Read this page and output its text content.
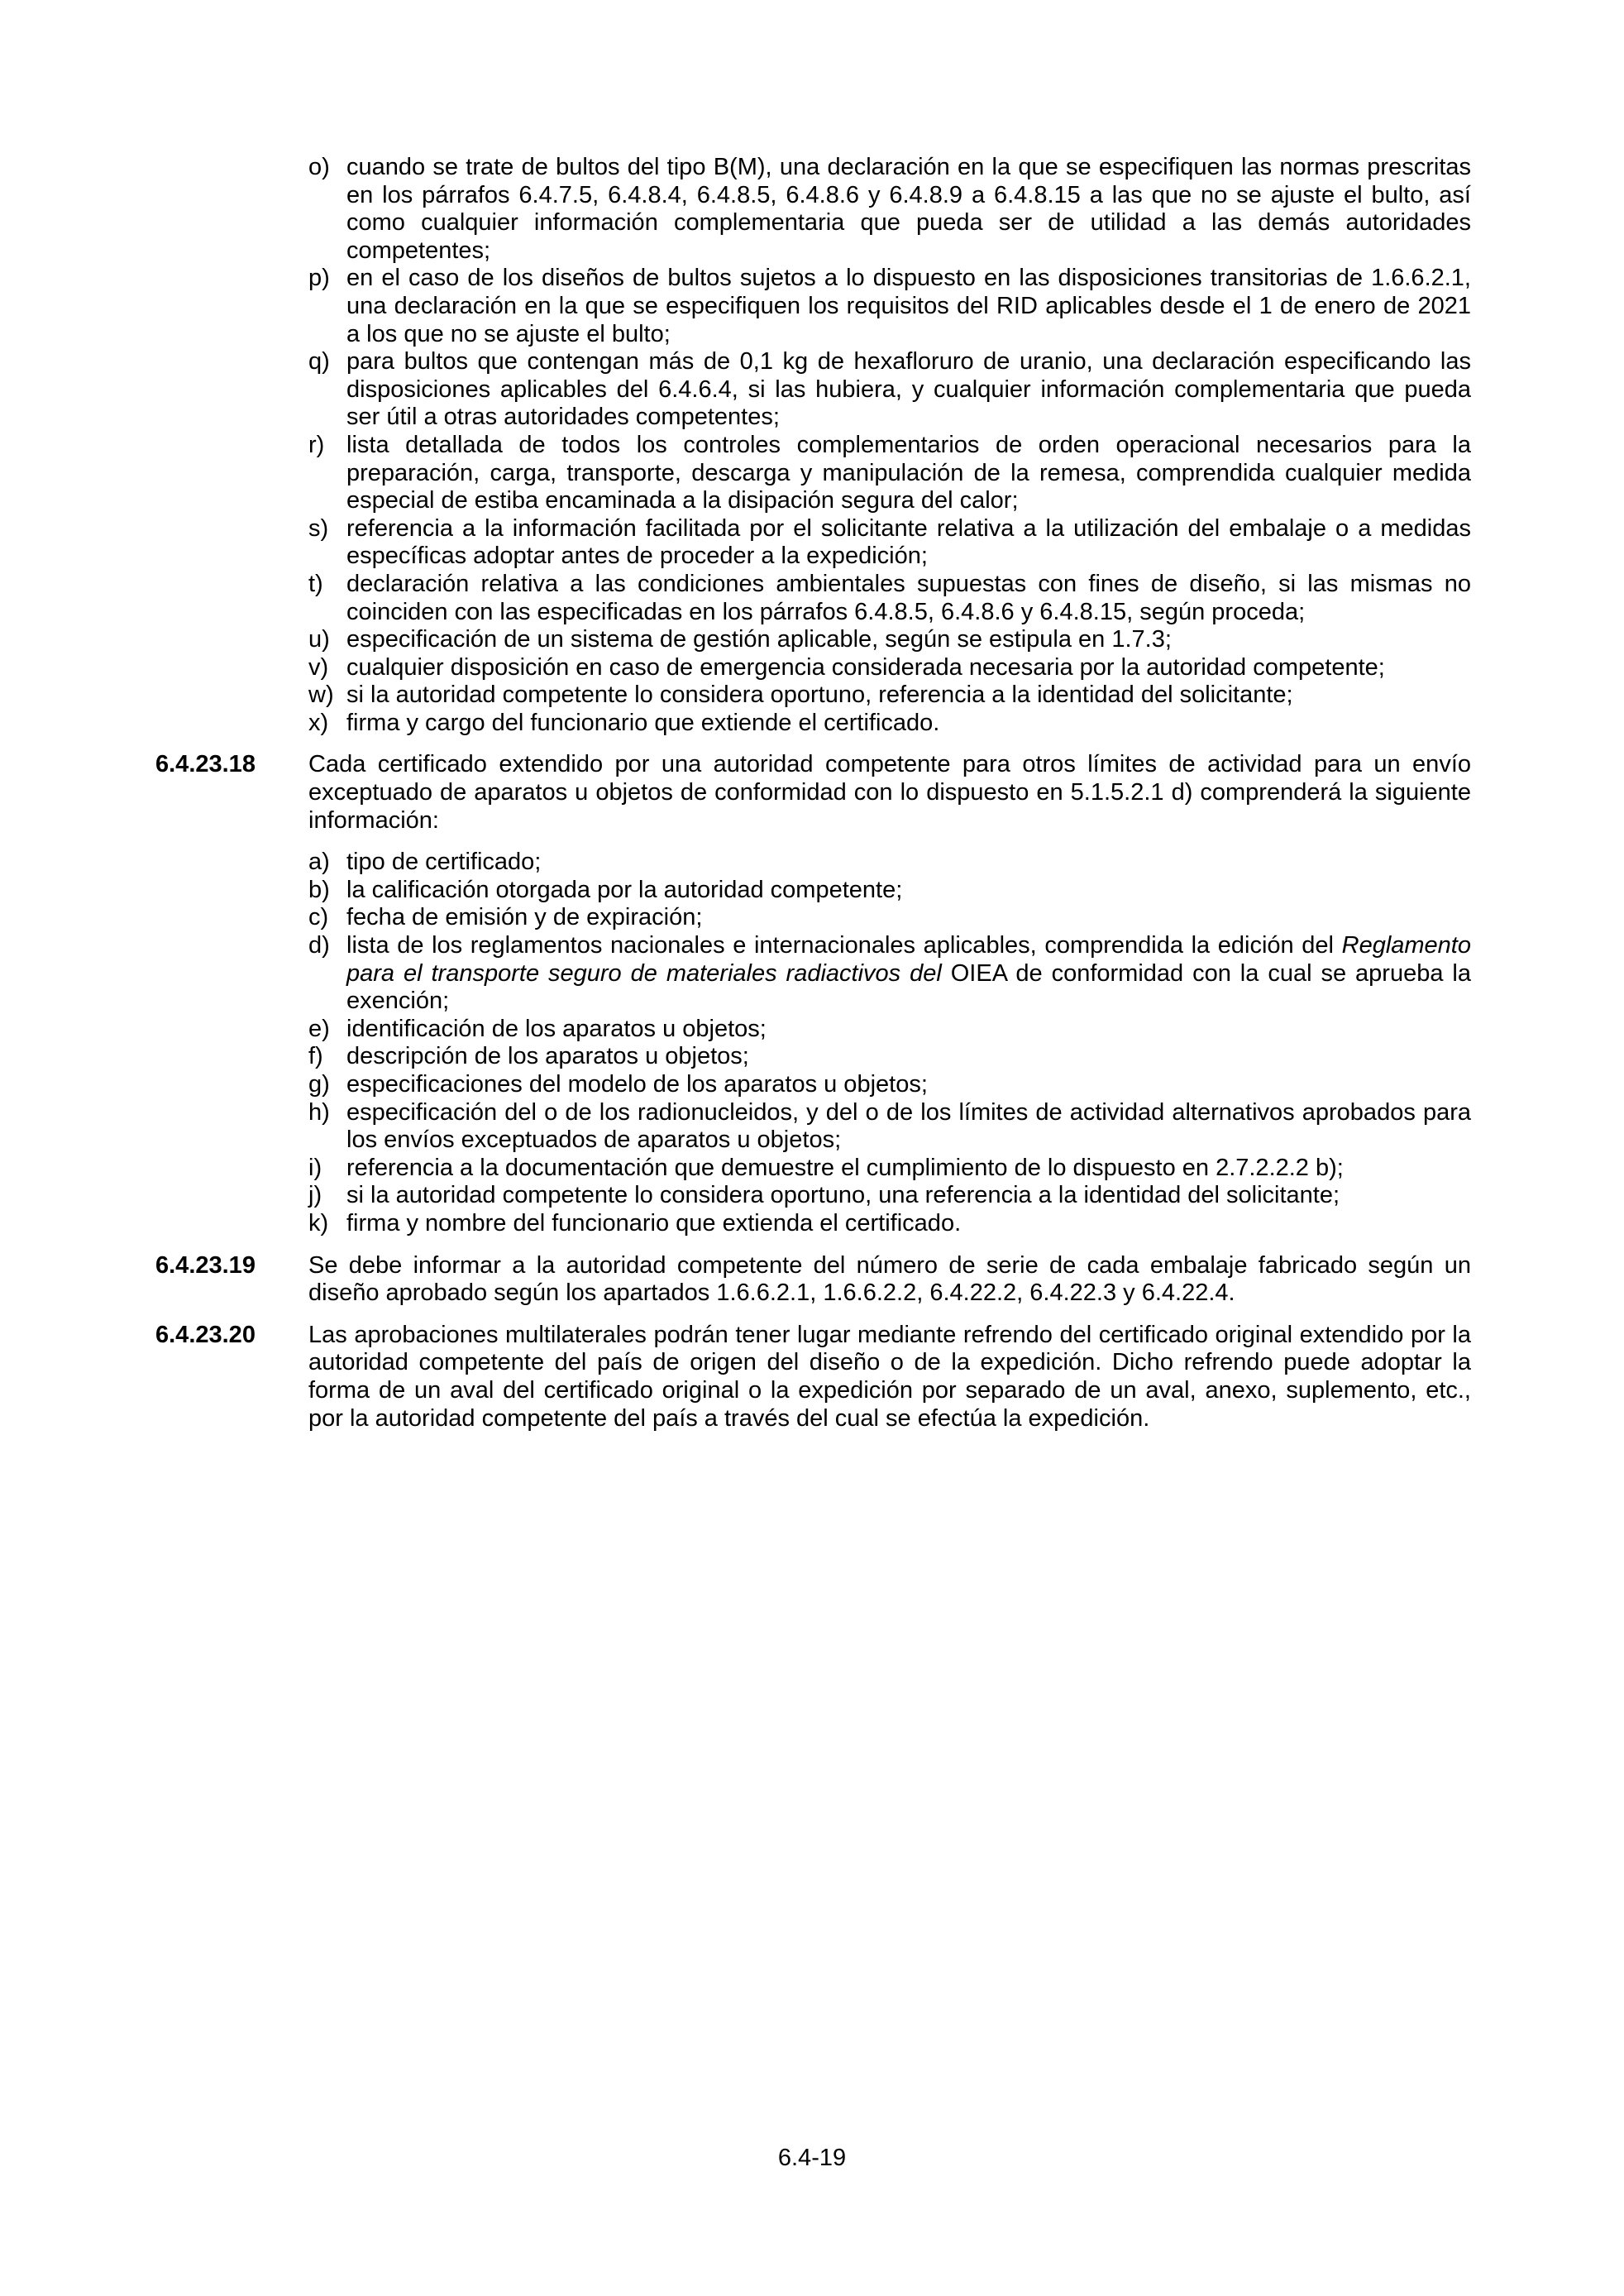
o) cuando se trate de bultos del tipo B(M), una declaración en la que se especifiquen las normas prescritas en los párrafos 6.4.7.5, 6.4.8.4, 6.4.8.5, 6.4.8.6 y 6.4.8.9 a 6.4.8.15 a las que no se ajuste el bulto, así como cualquier información complementaria que pueda ser de utilidad a las demás autoridades competentes;
p) en el caso de los diseños de bultos sujetos a lo dispuesto en las disposiciones transitorias de 1.6.6.2.1, una declaración en la que se especifiquen los requisitos del RID aplicables desde el 1 de enero de 2021 a los que no se ajuste el bulto;
q) para bultos que contengan más de 0,1 kg de hexafloruro de uranio, una declaración especificando las disposiciones aplicables del 6.4.6.4, si las hubiera, y cualquier información complementaria que pueda ser útil a otras autoridades competentes;
r) lista detallada de todos los controles complementarios de orden operacional necesarios para la preparación, carga, transporte, descarga y manipulación de la remesa, comprendida cualquier medida especial de estiba encaminada a la disipación segura del calor;
s) referencia a la información facilitada por el solicitante relativa a la utilización del embalaje o a medidas específicas adoptar antes de proceder a la expedición;
t) declaración relativa a las condiciones ambientales supuestas con fines de diseño, si las mismas no coinciden con las especificadas en los párrafos 6.4.8.5, 6.4.8.6 y 6.4.8.15, según proceda;
u) especificación de un sistema de gestión aplicable, según se estipula en 1.7.3;
v) cualquier disposición en caso de emergencia considerada necesaria por la autoridad competente;
w) si la autoridad competente lo considera oportuno, referencia a la identidad del solicitante;
x) firma y cargo del funcionario que extiende el certificado.
6.4.23.18 Cada certificado extendido por una autoridad competente para otros límites de actividad para un envío exceptuado de aparatos u objetos de conformidad con lo dispuesto en 5.1.5.2.1 d) comprenderá la siguiente información:
a) tipo de certificado;
b) la calificación otorgada por la autoridad competente;
c) fecha de emisión y de expiración;
d) lista de los reglamentos nacionales e internacionales aplicables, comprendida la edición del Reglamento para el transporte seguro de materiales radiactivos del OIEA de conformidad con la cual se aprueba la exención;
e) identificación de los aparatos u objetos;
f) descripción de los aparatos u objetos;
g) especificaciones del modelo de los aparatos u objetos;
h) especificación del o de los radionucleidos, y del o de los límites de actividad alternativos aprobados para los envíos exceptuados de aparatos u objetos;
i) referencia a la documentación que demuestre el cumplimiento de lo dispuesto en 2.7.2.2.2 b);
j) si la autoridad competente lo considera oportuno, una referencia a la identidad del solicitante;
k) firma y nombre del funcionario que extienda el certificado.
6.4.23.19 Se debe informar a la autoridad competente del número de serie de cada embalaje fabricado según un diseño aprobado según los apartados 1.6.6.2.1, 1.6.6.2.2, 6.4.22.2, 6.4.22.3 y 6.4.22.4.
6.4.23.20 Las aprobaciones multilaterales podrán tener lugar mediante refrendo del certificado original extendido por la autoridad competente del país de origen del diseño o de la expedición. Dicho refrendo puede adoptar la forma de un aval del certificado original o la expedición por separado de un aval, anexo, suplemento, etc., por la autoridad competente del país a través del cual se efectúa la expedición.
6.4-19
